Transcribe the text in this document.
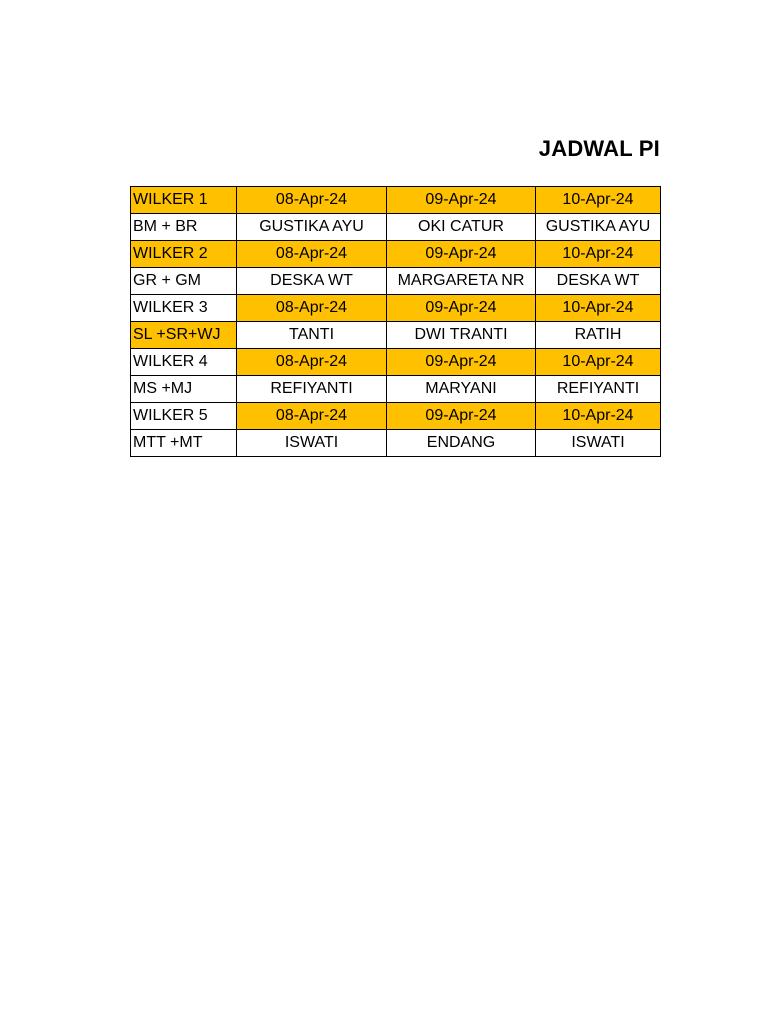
JADWAL PI
WILKER 1	08-Apr-24	09-Apr-24	10-Apr-24
BM + BR	GUSTIKA AYU	OKI CATUR	GUSTIKA AYU
WILKER 2	08-Apr-24	09-Apr-24	10-Apr-24
GR + GM	DESKA WT	MARGARETA NR	DESKA WT
WILKER 3	08-Apr-24	09-Apr-24	10-Apr-24
SL +SR+WJ	TANTI	DWI TRANTI	RATIH
WILKER 4	08-Apr-24	09-Apr-24	10-Apr-24
MS +MJ	REFIYANTI	MARYANI	REFIYANTI
WILKER 5	08-Apr-24	09-Apr-24	10-Apr-24
MTT +MT	ISWATI	ENDANG	ISWATI
